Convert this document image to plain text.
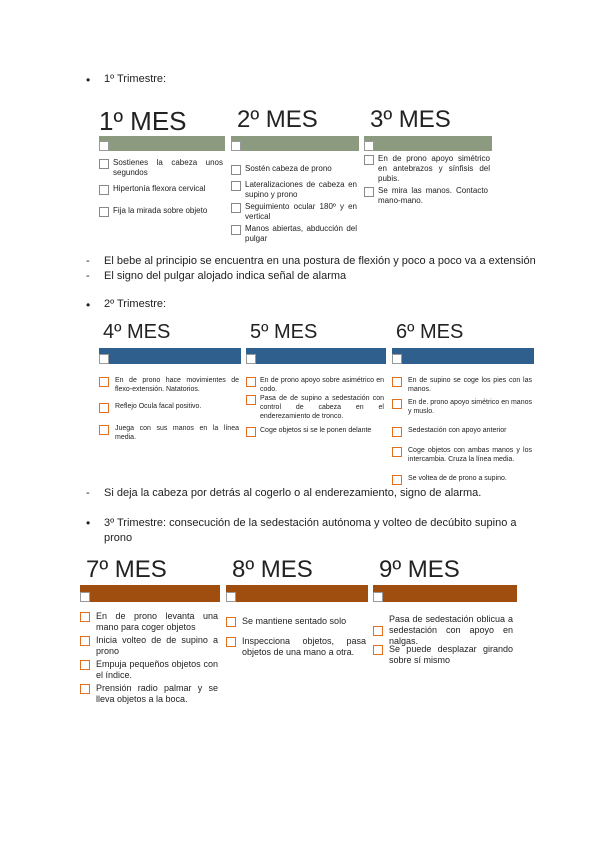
• 1º Trimestre:
1º MES
Sostienes la cabeza unos segundos
Hipertonía flexora cervical
Fija la mirada sobre objeto
2º MES
Sostén cabeza de prono
Lateralizaciones de cabeza en supino y prono
Seguimiento ocular 180º y en vertical
Manos abiertas, abducción del pulgar
3º MES
En de prono apoyo simétrico en antebrazos y sínfisis del pubis.
Se mira las manos. Contacto mano-mano.
- El bebe al principio se encuentra en una postura de flexión y poco a poco va a extensión
- El signo del pulgar alojado indica señal de alarma
• 2º Trimestre:
4º MES
En de prono hace movimientes de flexo-extensión. Natatorios.
Reflejo Ocula facal positivo.
Juega con sus manos en la línea media.
5º MES
En de prono apoyo sobre asimétrico en codo.
Pasa de de supino a sedestación con control de cabeza en el enderezamiento de tronco.
Coge objetos si se le ponen delante
6º MES
En de supino se coge los pies con las manos.
En de. prono apoyo simétrico en manos y muslo.
Sedestación con apoyo anterior
Coge objetos con ambas manos y los intercambia. Cruza la línea media.
Se voltea de de prono a supino.
- Si deja la cabeza por detrás al cogerlo o al enderezamiento, signo de alarma.
• 3º Trimestre: consecución de la sedestación autónoma y volteo de decúbito supino a prono
7º MES
En de prono levanta una mano para coger objetos
Inicia volteo de de supino a prono
Empuja pequeños objetos con el índice.
Prensión radio palmar y se lleva objetos a la boca.
8º MES
Se mantiene sentado solo
Inspecciona objetos, pasa objetos de una mano a otra.
9º MES
Pasa de sedestación oblicua a sedestación con apoyo en nalgas.
Se puede desplazar girando sobre sí mismo
